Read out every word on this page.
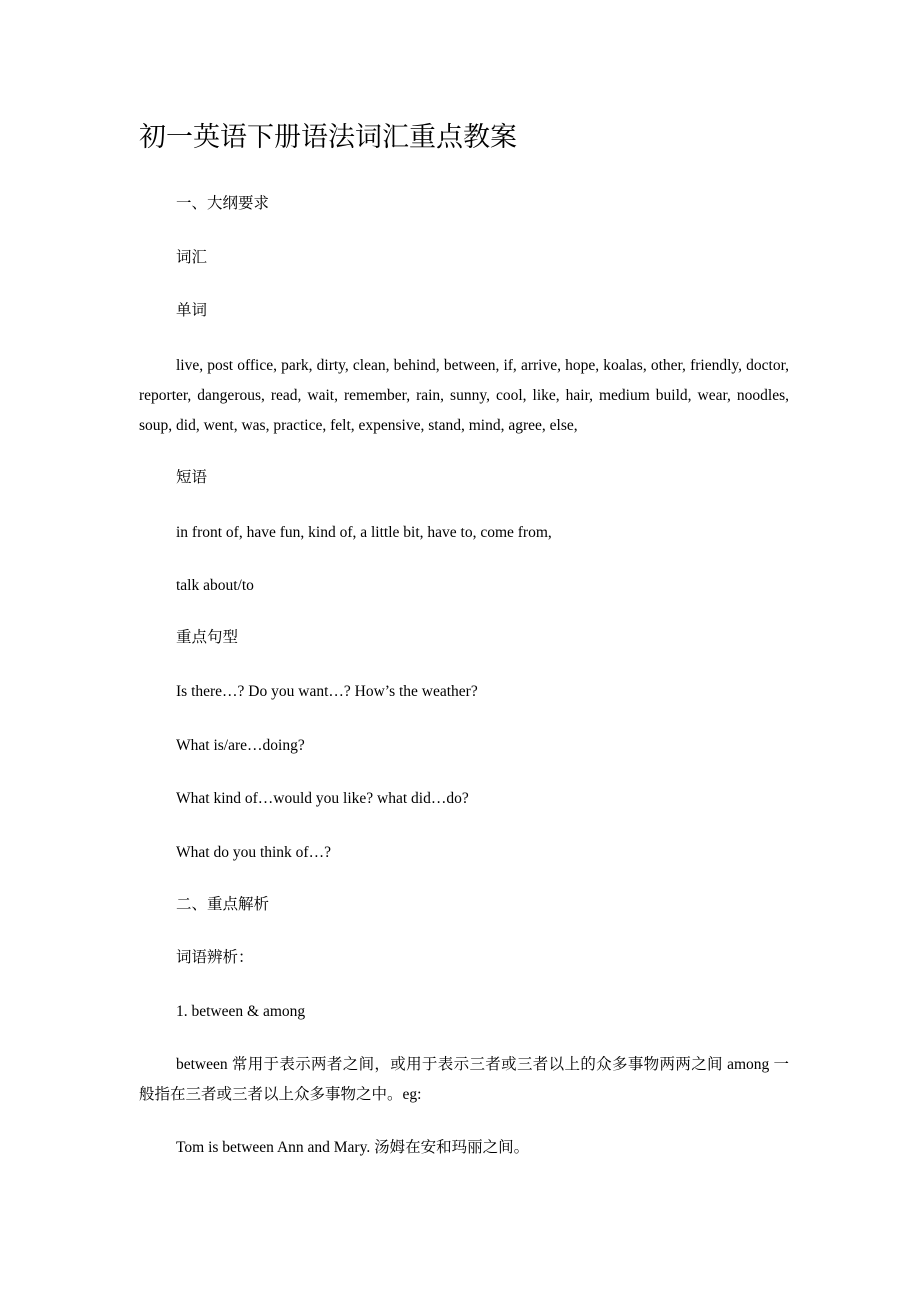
初一英语下册语法词汇重点教案

一、大纲要求

词汇

单词

live, post office, park, dirty, clean, behind, between, if, arrive, hope, koalas, other, friendly, doctor, reporter, dangerous, read, wait, remember, rain, sunny, cool, like, hair, medium build, wear, noodles, soup, did, went, was, practice, felt, expensive, stand, mind, agree, else,

短语

in front of, have fun, kind of, a little bit, have to, come from,

talk about/to

重点句型

Is there…? Do you want…? How’s the weather?

What is/are…doing?

What kind of…would you like? what did…do?

What do you think of…?

二、重点解析

词语辨析：

1. between & among

between 常用于表示两者之间，或用于表示三者或三者以上的众多事物两两之间 among 一般指在三者或三者以上众多事物之中。eg:

Tom is between Ann and Mary. 汤姆在安和玛丽之间。
